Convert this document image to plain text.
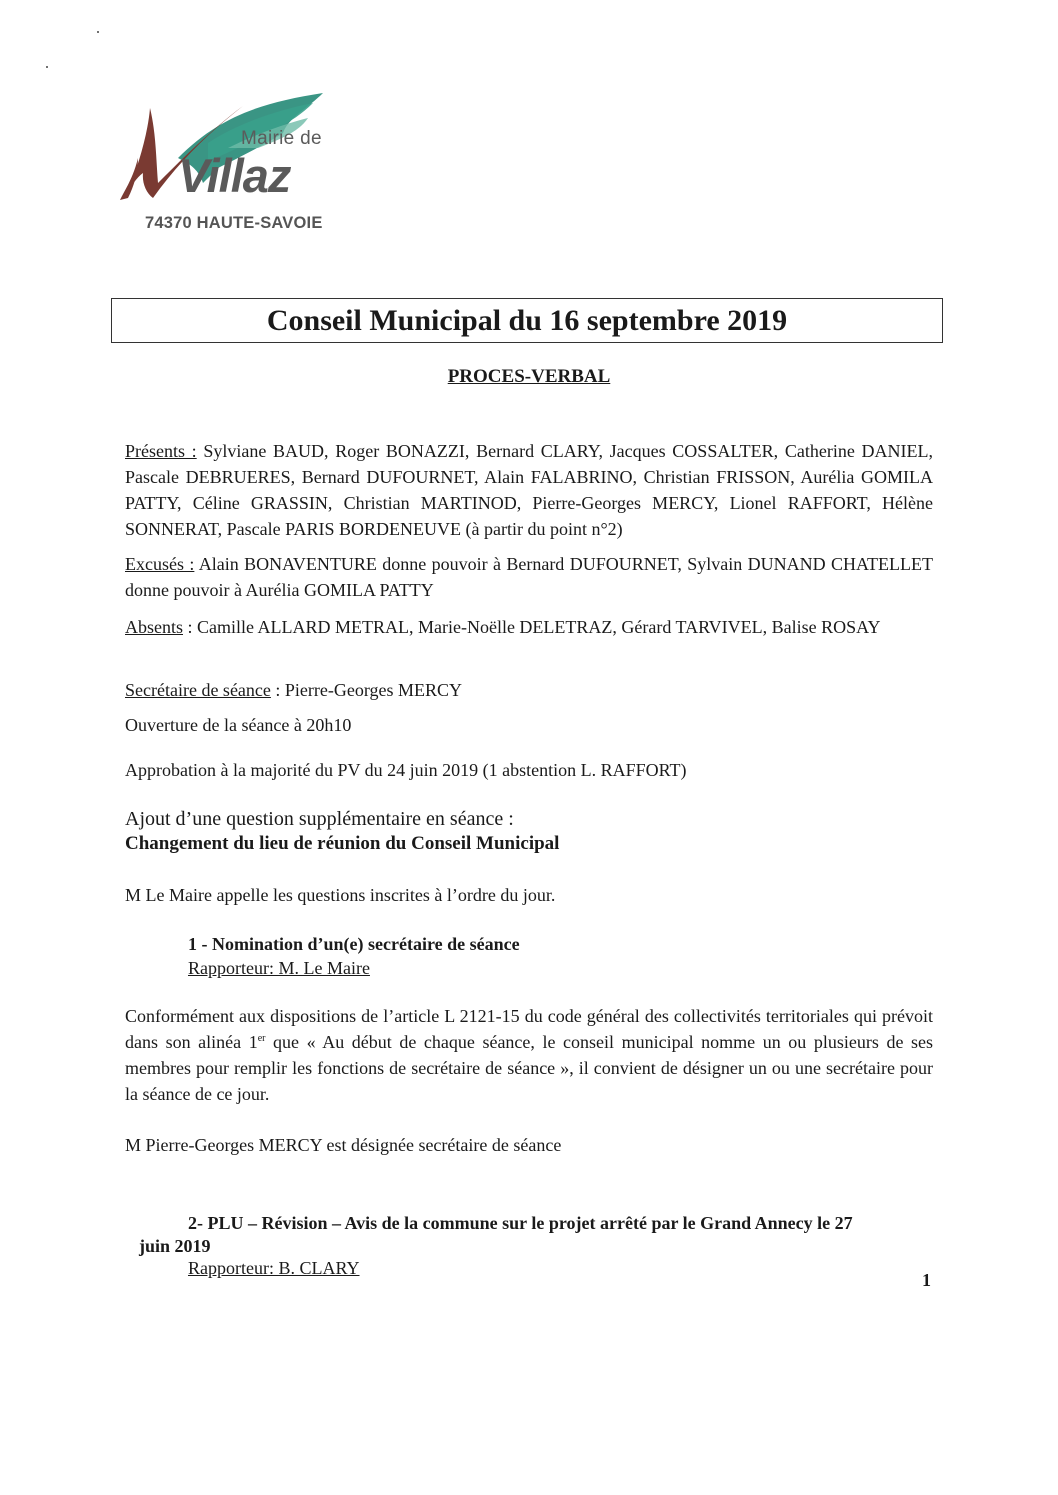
Mairie de
Villaz
74370 HAUTE-SAVOIE
Conseil Municipal du 16 septembre 2019
PROCES-VERBAL
Présents : Sylviane BAUD, Roger BONAZZI, Bernard CLARY, Jacques COSSALTER, Catherine DANIEL, Pascale DEBRUERES, Bernard DUFOURNET, Alain FALABRINO, Christian FRISSON, Aurélia GOMILA PATTY, Céline GRASSIN, Christian MARTINOD, Pierre-Georges MERCY, Lionel RAFFORT, Hélène SONNERAT, Pascale PARIS BORDENEUVE (à partir du point n°2)
Excusés : Alain BONAVENTURE donne pouvoir à Bernard DUFOURNET, Sylvain DUNAND CHATELLET donne pouvoir à Aurélia GOMILA PATTY
Absents : Camille ALLARD METRAL, Marie-Noëlle DELETRAZ, Gérard TARVIVEL, Balise ROSAY
Secrétaire de séance : Pierre-Georges MERCY
Ouverture de la séance à 20h10
Approbation à la majorité du PV du 24 juin 2019 (1 abstention L. RAFFORT)
Ajout d’une question supplémentaire en séance :
Changement du lieu de réunion du Conseil Municipal
M Le Maire appelle les questions inscrites à l’ordre du jour.
1 - Nomination d’un(e) secrétaire de séance
Rapporteur: M. Le Maire
Conformément aux dispositions de l’article L 2121-15 du code général des collectivités territoriales qui prévoit dans son alinéa 1er que « Au début de chaque séance, le conseil municipal nomme un ou plusieurs de ses membres pour remplir les fonctions de secrétaire de séance », il convient de désigner un ou une secrétaire pour la séance de ce jour.
M Pierre-Georges MERCY est désignée secrétaire de séance
2- PLU – Révision – Avis de la commune sur le projet arrêté par le Grand Annecy le 27
juin 2019
Rapporteur: B. CLARY
1
